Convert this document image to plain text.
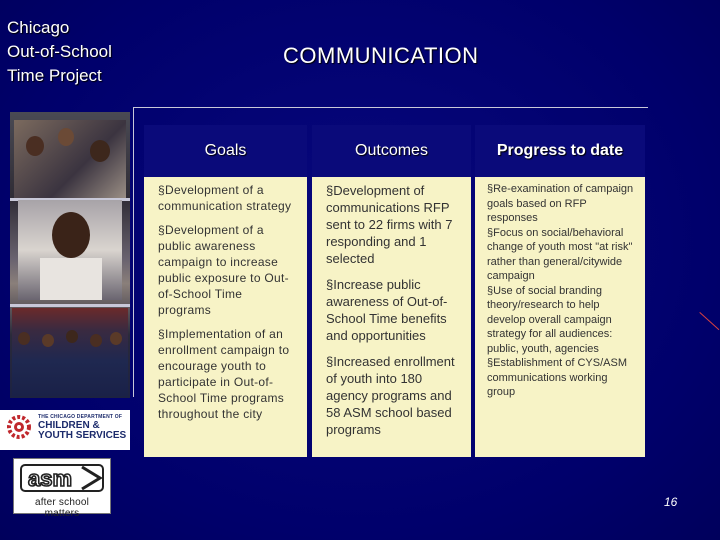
Chicago
Out-of-School
Time Project
COMMUNICATION
Goals

§Development of a communication strategy

§Development of a public awareness campaign to increase public exposure to Out-of-School Time programs

§Implementation of an enrollment campaign to encourage youth to participate in Out-of-School Time programs throughout the city

Outcomes

§Development of communications RFP sent to 22 firms with 7 responding and 1 selected

§Increase public awareness of Out-of-School Time benefits and opportunities

§Increased enrollment of youth into 180 agency programs and 58 ASM school based programs

Progress to date
§Re-examination of campaign goals based on RFP responses
§Focus on social/behavioral change of youth most "at risk" rather than general/citywide campaign
§Use of social branding theory/research to help develop overall campaign strategy for all audiences: public, youth, agencies
§Establishment of CYS/ASM communications working group
THE CHICAGO DEPARTMENT OF
CHILDREN &
YOUTH SERVICES
asm
after school matters
16
